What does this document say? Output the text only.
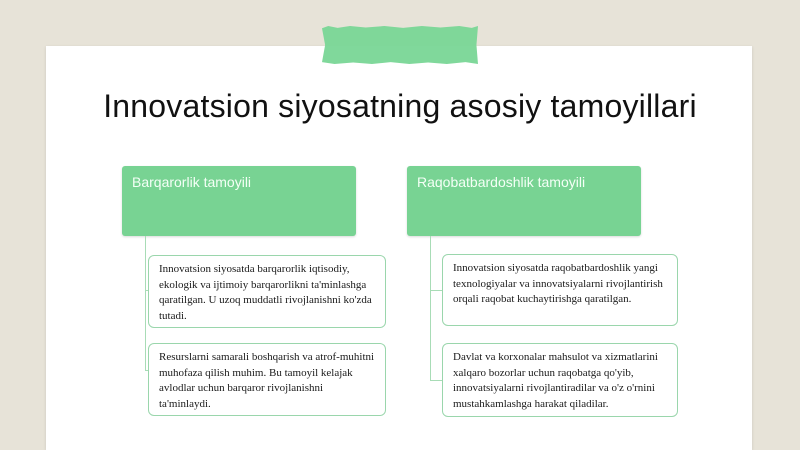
Innovatsion siyosatning asosiy tamoyillari
Barqarorlik tamoyili
Innovatsion siyosatda barqarorlik iqtisodiy, ekologik va ijtimoiy barqarorlikni ta'minlashga qaratilgan. U uzoq muddatli rivojlanishni ko'zda tutadi.
Resurslarni samarali boshqarish va atrof-muhitni muhofaza qilish muhim. Bu tamoyil kelajak avlodlar uchun barqaror rivojlanishni ta'minlaydi.
Raqobatbardoshlik tamoyili
Innovatsion siyosatda raqobatbardoshlik yangi texnologiyalar va innovatsiyalarni rivojlantirish orqali raqobat kuchaytirishga qaratilgan.
Davlat va korxonalar mahsulot va xizmatlarini xalqaro bozorlar uchun raqobatga qo'yib, innovatsiyalarni rivojlantiradilar va o'z o'rnini mustahkamlashga harakat qiladilar.
